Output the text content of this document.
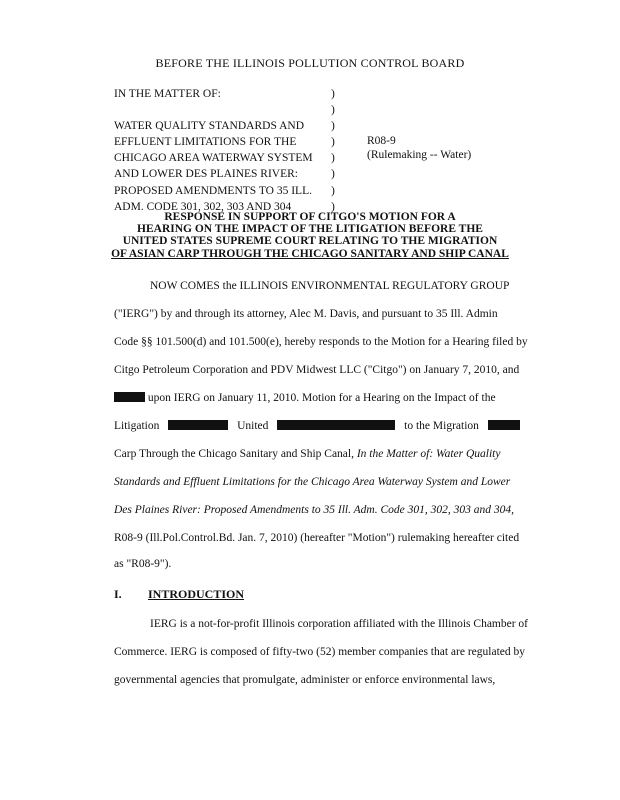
BEFORE THE ILLINOIS POLLUTION CONTROL BOARD
IN THE MATTER OF:

WATER QUALITY STANDARDS AND
EFFLUENT LIMITATIONS FOR THE
CHICAGO AREA WATERWAY SYSTEM
AND LOWER DES PLAINES RIVER:
PROPOSED AMENDMENTS TO 35 ILL.
ADM. CODE 301, 302, 303 AND 304
)
)
)
)
)
)
)
)
R08-9
(Rulemaking -- Water)
RESPONSE IN SUPPORT OF CITGO'S MOTION FOR A
HEARING ON THE IMPACT OF THE LITIGATION BEFORE THE
UNITED STATES SUPREME COURT RELATING TO THE MIGRATION
OF ASIAN CARP THROUGH THE CHICAGO SANITARY AND SHIP CANAL
NOW COMES the ILLINOIS ENVIRONMENTAL REGULATORY GROUP
("IERG") by and through its attorney, Alec M. Davis, and pursuant to 35 Ill. Admin
Code §§ 101.500(d) and 101.500(e), hereby responds to the Motion for a Hearing filed by
Citgo Petroleum Corporation and PDV Midwest LLC ("Citgo") on January 7, 2010, and
upon IERG on January 11, 2010. Motion for a Hearing on the Impact of the
Litigation	United	to the Migration
Carp Through the Chicago Sanitary and Ship Canal, In the Matter of: Water Quality
Standards and Effluent Limitations for the Chicago Area Waterway System and Lower
Des Plaines River: Proposed Amendments to 35 Ill. Adm. Code 301, 302, 303 and 304,
R08-9 (Ill.Pol.Control.Bd. Jan. 7, 2010) (hereafter "Motion") rulemaking hereafter cited
as "R08-9").
I. INTRODUCTION
IERG is a not-for-profit Illinois corporation affiliated with the Illinois Chamber of
Commerce. IERG is composed of fifty-two (52) member companies that are regulated by
governmental agencies that promulgate, administer or enforce environmental laws,
